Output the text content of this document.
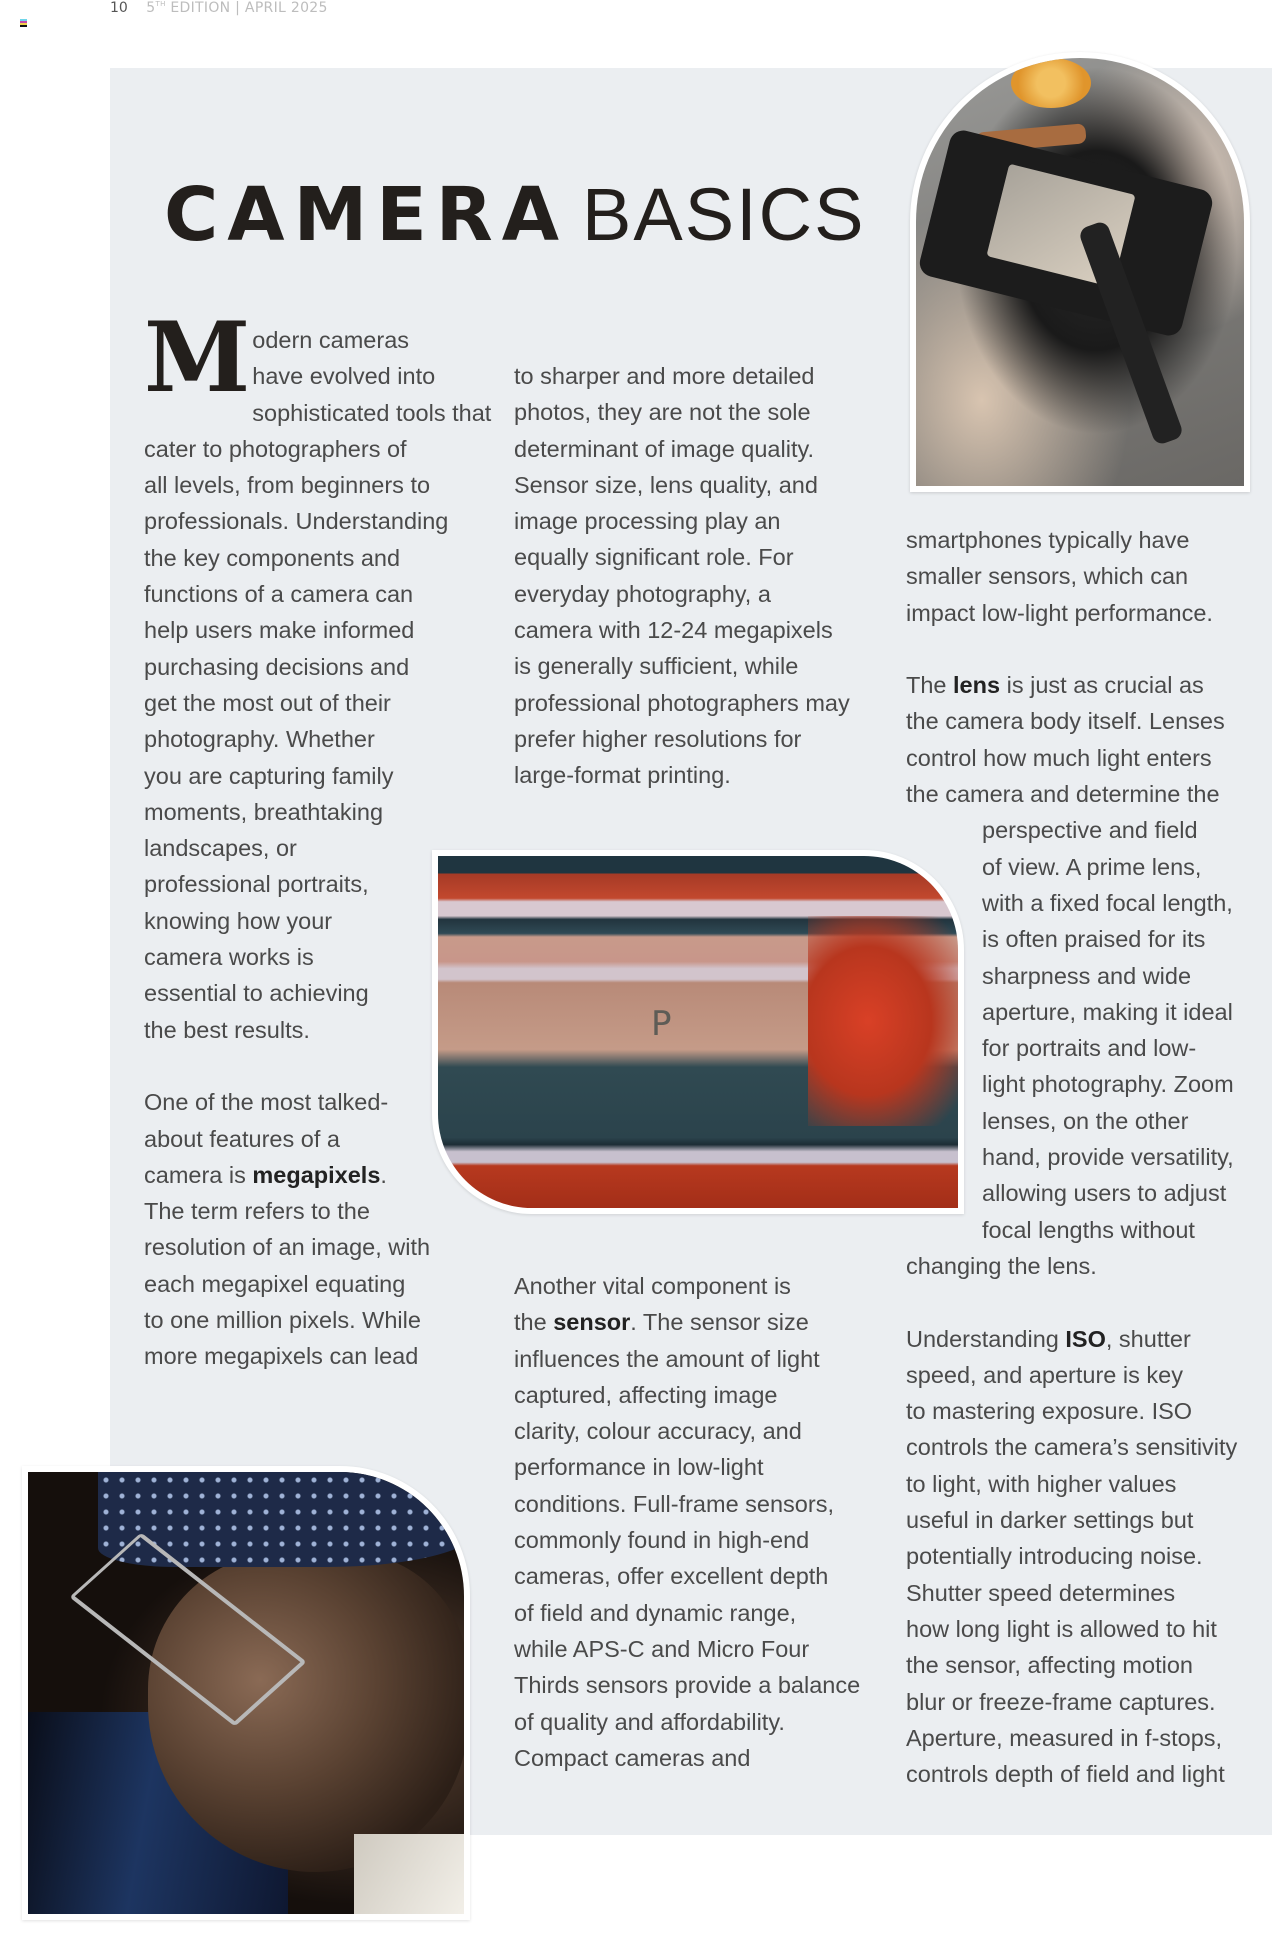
10 5TH EDITION | APRIL 2025
CAMERA BASICS

Modern cameras

have evolved into

sophisticated tools that

cater to photographers of

all levels, from beginners to

professionals. Understanding

the key components and

functions of a camera can

help users make informed

purchasing decisions and

get the most out of their

photography. Whether

you are capturing family

moments, breathtaking

landscapes, or

professional portraits,

knowing how your

camera works is

essential to achieving

the best results.

One of the most talked-

about features of a

camera is megapixels.

The term refers to the

resolution of an image, with

each megapixel equating

to one million pixels. While

more megapixels can lead

to sharper and more detailed

photos, they are not the sole

determinant of image quality.

Sensor size, lens quality, and

image processing play an

equally significant role. For

everyday photography, a

camera with 12-24 megapixels

is generally sufficient, while

professional photographers may

prefer higher resolutions for

large-format printing.

Another vital component is

the sensor. The sensor size

influences the amount of light

captured, affecting image

clarity, colour accuracy, and

performance in low-light

conditions. Full-frame sensors,

commonly found in high-end

cameras, offer excellent depth

of field and dynamic range,

while APS-C and Micro Four

Thirds sensors provide a balance

of quality and affordability.

Compact cameras and

P

smartphones typically have

smaller sensors, which can

impact low-light performance.

The lens is just as crucial as

the camera body itself. Lenses

control how much light enters

the camera and determine the

perspective and field

of view. A prime lens,

with a fixed focal length,

is often praised for its

sharpness and wide

aperture, making it ideal

for portraits and low-

light photography. Zoom

lenses, on the other

hand, provide versatility,

allowing users to adjust

focal lengths without

changing the lens.

Understanding ISO, shutter

speed, and aperture is key

to mastering exposure. ISO

controls the camera’s sensitivity

to light, with higher values

useful in darker settings but

potentially introducing noise.

Shutter speed determines

how long light is allowed to hit

the sensor, affecting motion

blur or freeze-frame captures.

Aperture, measured in f-stops,

controls depth of field and light
